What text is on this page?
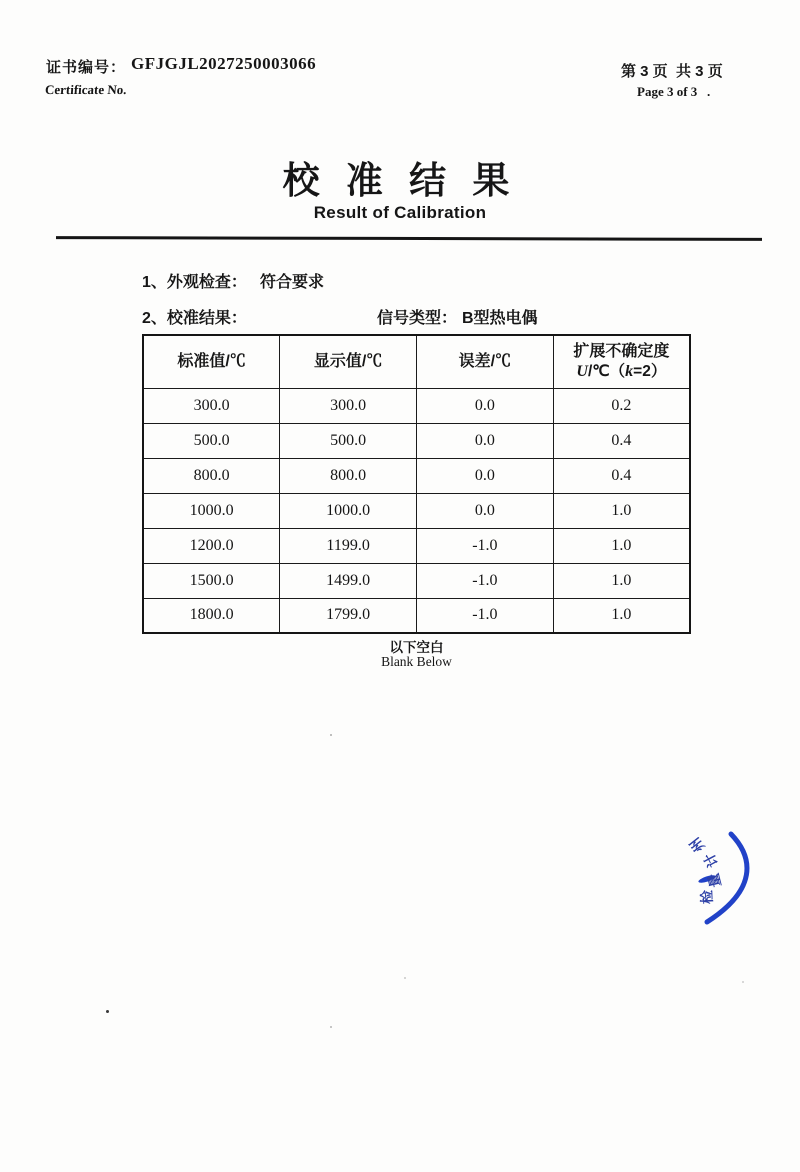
证书编号： GFJGJL2027250003066
Certificate No.
第 3 页  共 3 页
Page 3 of 3   .
校 准 结 果
Result of Calibration
1、外观检查： 符合要求
2、校准结果：	信号类型： B型热电偶
标准值/℃	显示值/℃	误差/℃	扩展不确定度
U/℃（k=2）
300.0	300.0	0.0	0.2
500.0	500.0	0.0	0.4
800.0	800.0	0.0	0.4
1000.0	1000.0	0.0	1.0
1200.0	1199.0	-1.0	1.0
1500.0	1499.0	-1.0	1.0
1800.0	1799.0	-1.0	1.0
以下空白
Blank Below
州
计
量
检
